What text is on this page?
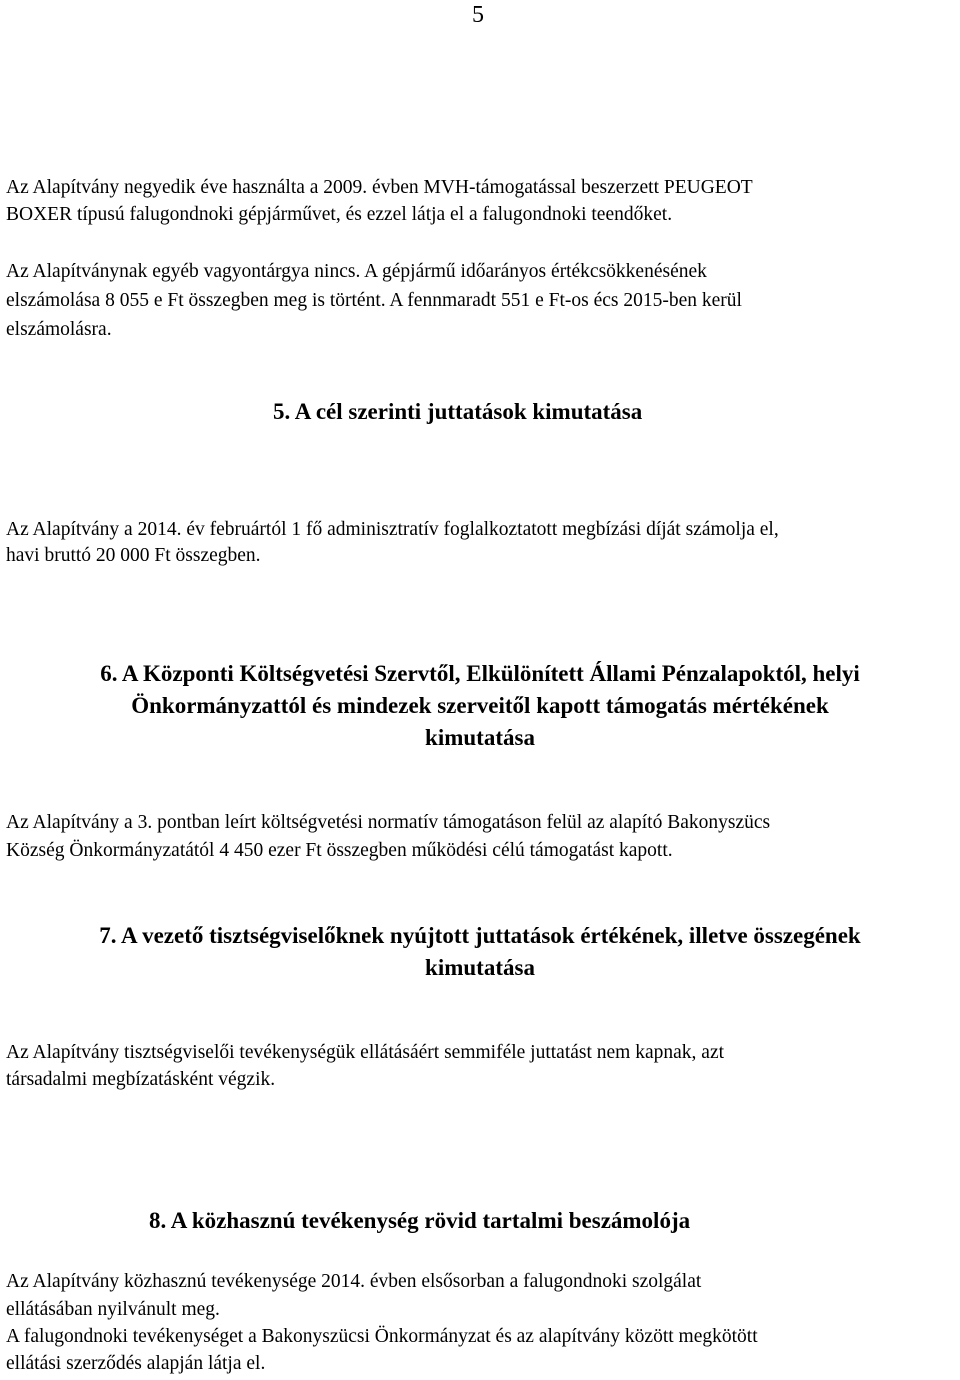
5
Az Alapítvány negyedik éve használta a 2009. évben MVH-támogatással beszerzett PEUGEOT
BOXER típusú falugondnoki gépjárművet, és ezzel látja el a falugondnoki teendőket.
Az Alapítványnak egyéb vagyontárgya nincs. A gépjármű időarányos értékcsökkenésének
elszámolása 8 055 e Ft összegben meg is történt. A fennmaradt 551 e Ft-os écs 2015-ben kerül
elszámolásra.
5. A cél szerinti juttatások kimutatása
Az Alapítvány a 2014. év februártól 1 fő adminisztratív foglalkoztatott megbízási díját számolja el,
havi bruttó 20 000 Ft összegben.
6. A Központi Költségvetési Szervtől, Elkülönített Állami Pénzalapoktól, helyi
Önkormányzattól és mindezek szerveitől kapott támogatás mértékének
kimutatása
Az Alapítvány a 3. pontban leírt költségvetési normatív támogatáson felül az alapító Bakonyszücs
Község Önkormányzatától 4 450 ezer Ft összegben működési célú támogatást kapott.
7. A vezető tisztségviselőknek nyújtott juttatások értékének, illetve összegének
kimutatása
Az Alapítvány tisztségviselői tevékenységük ellátásáért semmiféle juttatást nem kapnak, azt
társadalmi megbízatásként végzik.
8. A közhasznú tevékenység rövid tartalmi beszámolója
Az Alapítvány közhasznú tevékenysége 2014. évben elsősorban a falugondnoki szolgálat
ellátásában nyilvánult meg.
A falugondnoki tevékenységet a Bakonyszücsi Önkormányzat és az alapítvány között megkötött
ellátási szerződés alapján látja el.
